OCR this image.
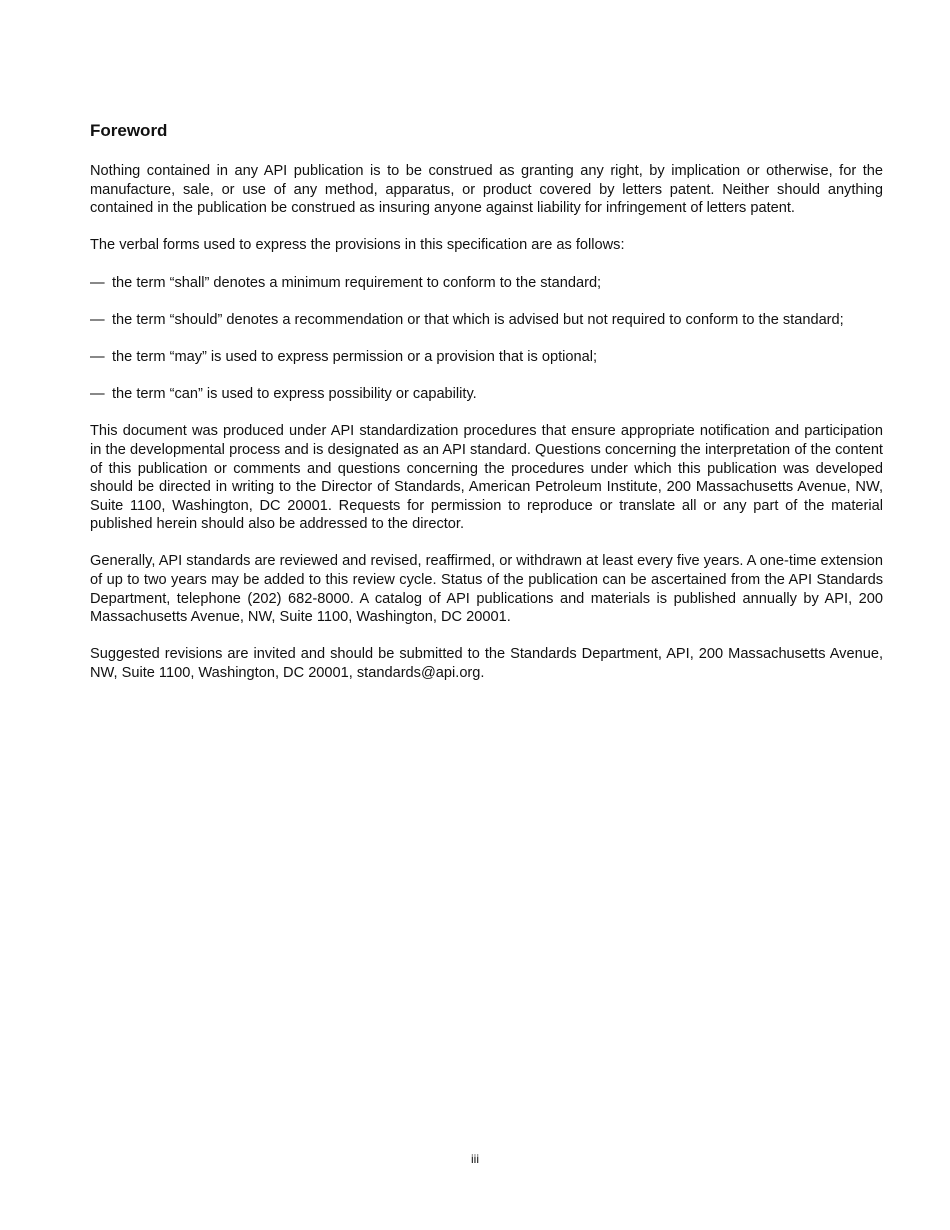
Foreword

Nothing contained in any API publication is to be construed as granting any right, by implication or otherwise, for the manufacture, sale, or use of any method, apparatus, or product covered by letters patent. Neither should anything contained in the publication be construed as insuring anyone against liability for infringement of letters patent.

The verbal forms used to express the provisions in this specification are as follows:

— the term “shall” denotes a minimum requirement to conform to the standard;
— the term “should” denotes a recommendation or that which is advised but not required to conform to the standard;
— the term “may” is used to express permission or a provision that is optional;
— the term “can” is used to express possibility or capability.

This document was produced under API standardization procedures that ensure appropriate notification and participation in the developmental process and is designated as an API standard. Questions concerning the interpretation of the content of this publication or comments and questions concerning the procedures under which this publication was developed should be directed in writing to the Director of Standards, American Petroleum Institute, 200 Massachusetts Avenue, NW, Suite 1100, Washington, DC 20001. Requests for permission to reproduce or translate all or any part of the material published herein should also be addressed to the director.

Generally, API standards are reviewed and revised, reaffirmed, or withdrawn at least every five years. A one-time extension of up to two years may be added to this review cycle. Status of the publication can be ascertained from the API Standards Department, telephone (202) 682-8000. A catalog of API publications and materials is published annually by API, 200 Massachusetts Avenue, NW, Suite 1100, Washington, DC 20001.

Suggested revisions are invited and should be submitted to the Standards Department, API, 200 Massachusetts Avenue, NW, Suite 1100, Washington, DC 20001, standards@api.org.

iii
